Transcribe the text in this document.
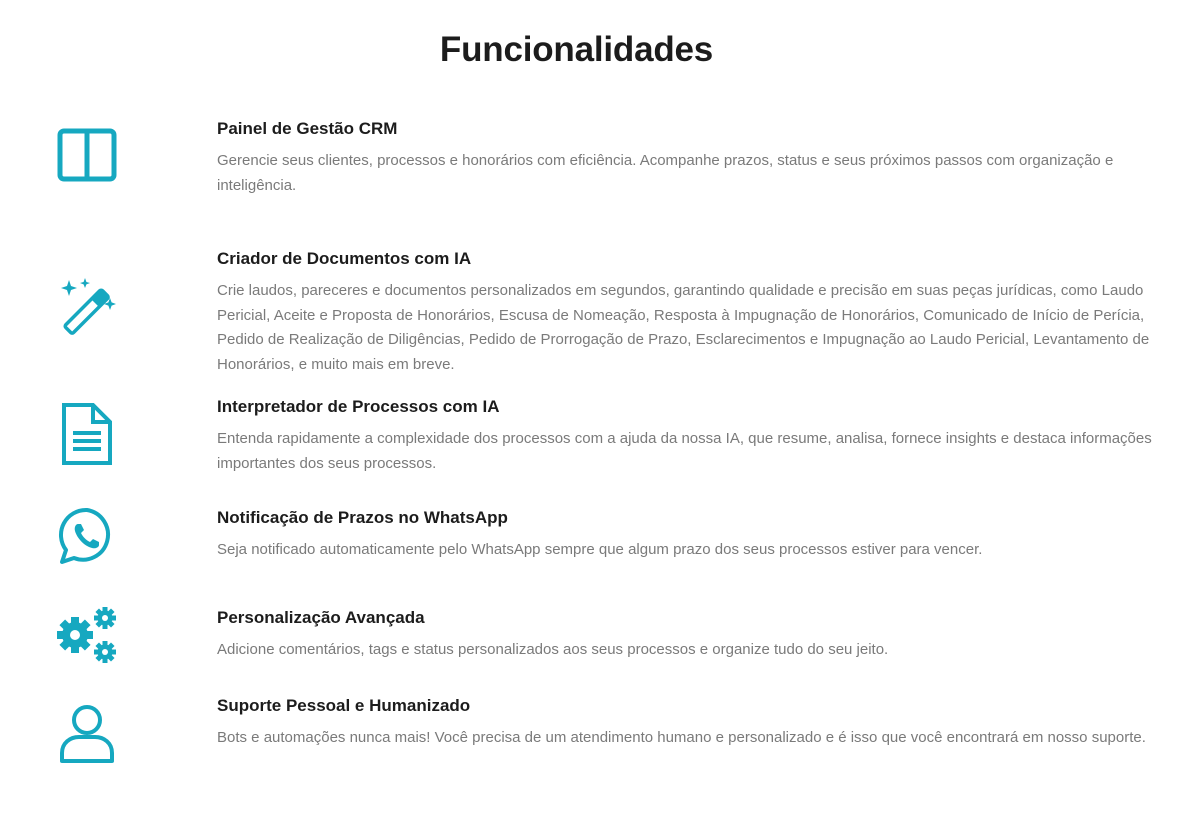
Funcionalidades
Painel de Gestão CRM

Gerencie seus clientes, processos e honorários com eficiência. Acompanhe prazos, status e seus próximos passos com organização e inteligência.

Criador de Documentos com IA

Crie laudos, pareceres e documentos personalizados em segundos, garantindo qualidade e precisão em suas peças jurídicas, como Laudo Pericial, Aceite e Proposta de Honorários, Escusa de Nomeação, Resposta à Impugnação de Honorários, Comunicado de Início de Perícia, Pedido de Realização de Diligências, Pedido de Prorrogação de Prazo, Esclarecimentos e Impugnação ao Laudo Pericial, Levantamento de Honorários, e muito mais em breve.

Interpretador de Processos com IA

Entenda rapidamente a complexidade dos processos com a ajuda da nossa IA, que resume, analisa, fornece insights e destaca informações importantes dos seus processos.

Notificação de Prazos no WhatsApp

Seja notificado automaticamente pelo WhatsApp sempre que algum prazo dos seus processos estiver para vencer.

Personalização Avançada

Adicione comentários, tags e status personalizados aos seus processos e organize tudo do seu jeito.

Suporte Pessoal e Humanizado

Bots e automações nunca mais! Você precisa de um atendimento humano e personalizado e é isso que você encontrará em nosso suporte.
